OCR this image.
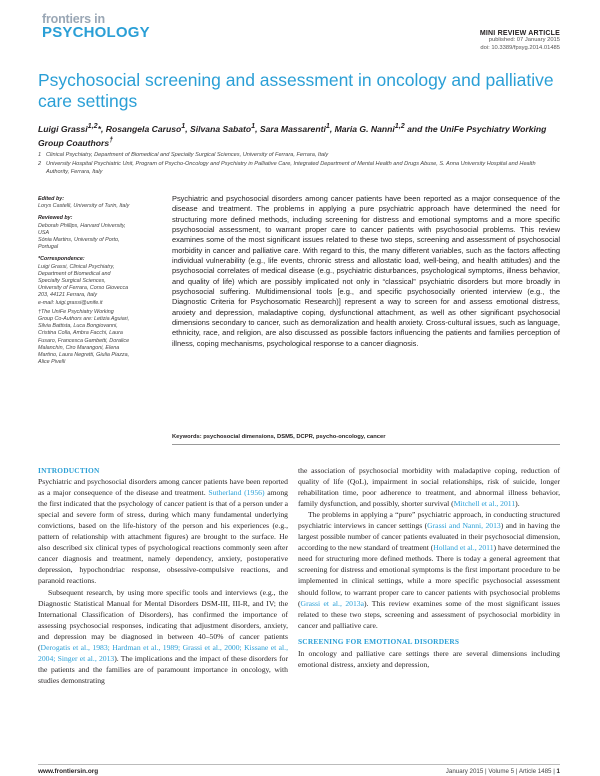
frontiers in
PSYCHOLOGY	MINI REVIEW ARTICLE
published: 07 January 2015
doi: 10.3389/fpsyg.2014.01485
Psychosocial screening and assessment in oncology and palliative care settings
Luigi Grassi$^{1,2}$*, Rosangela Caruso$^1$, Silvana Sabato$^1$, Sara Massarenti$^1$, Maria G. Nanni$^{1,2}$ and the UniFe Psychiatry Working Group Coauthors†
1 Clinical Psychiatry, Department of Biomedical and Specialty Surgical Sciences, University of Ferrara, Ferrara, Italy
2 University Hospital Psychiatric Unit, Program of Psycho-Oncology and Psychiatry in Palliative Care, Integrated Department of Mental Health and Drugs Abuse, S. Anna University Hospital and Health Authority, Ferrara, Italy
Edited by:
Lorys Castelli, University of Turin, Italy
Reviewed by:
Deborah Phillips, Harvard University, USA
Sónia Martins, University of Porto, Portugal
*Correspondence:
Luigi Grassi, Clinical Psychiatry, Department of Biomedical and Specialty Surgical Sciences, University of Ferrara, Corso Giovecca 203, 44121 Ferrara, Italy
e-mail: luigi.grassi@unife.it
†The UniFe Psychiatry Working Group Co-Authors are: Letizia Aguiari, Silvia Battista, Luca Bongiovanni, Cristina Colla, Ambra Facchi, Laura Fusaro, Francesca Gambetti, Doralice Malanchin, Ciro Marangoni, Elena Martino, Laura Negretti, Giulia Piazza, Alice Pivelli
Psychiatric and psychosocial disorders among cancer patients have been reported as a major consequence of the disease and treatment. The problems in applying a pure psychiatric approach have determined the need for structuring more defined methods, including screening for distress and emotional symptoms and a more specific psychosocial assessment, to warrant proper care to cancer patients with psychosocial problems. This review examines some of the most significant issues related to these two steps, screening and assessment of psychosocial morbidity in cancer and palliative care. With regard to this, the many different variables, such as the factors affecting individual vulnerability (e.g., life events, chronic stress and allostatic load, well-being, and health attitudes) and the psychosocial correlates of medical disease (e.g., psychiatric disturbances, psychological symptoms, illness behavior, and quality of life) which are possibly implicated not only in “classical” psychiatric disorders but more broadly in psychosocial suffering. Multidimensional tools [e.g., and specific psychosocially oriented interview (e.g., the Diagnostic Criteria for Psychosomatic Research)] represent a way to screen for and assess emotional distress, anxiety and depression, maladaptive coping, dysfunctional attachment, as well as other significant psychosocial dimensions secondary to cancer, such as demoralization and health anxiety. Cross-cultural issues, such as language, ethnicity, race, and religion, are also discussed as possible factors influencing the patients and families perception of illness, coping mechanisms, psychological response to a cancer diagnosis.
Keywords: psychosocial dimensions, DSM5, DCPR, psycho-oncology, cancer
INTRODUCTION

Psychiatric and psychosocial disorders among cancer patients have been reported as a major consequence of the disease and treatment. Sutherland (1956) among the first indicated that the psychology of cancer patient is that of a person under a special and severe form of stress, during which many fundamental underlying convictions, based on the life-history of the person and his experiences (e.g., pattern of relationship with attachment figures) are brought to the surface. He also described six clinical types of psychological reactions commonly seen after cancer diagnosis and treatment, namely dependency, anxiety, postoperative depression, hypochondriac response, obsessive-compulsive reactions, and paranoid reactions.

Subsequent research, by using more specific tools and interviews (e.g., the Diagnostic Statistical Manual for Mental Disorders DSM-III, III-R, and IV; the International Classification of Disorders), has confirmed the importance of assessing psychosocial responses, indicating that adjustment disorders, anxiety, and depression may be diagnosed in between 40–50% of cancer patients (Derogatis et al., 1983; Hardman et al., 1989; Grassi et al., 2000; Kissane et al., 2004; Singer et al., 2013). The implications and the impact of these disorders for the patients and the families are of paramount importance in oncology, with studies demonstrating

the association of psychosocial morbidity with maladaptive coping, reduction of quality of life (QoL), impairment in social relationships, risk of suicide, longer rehabilitation time, poor adherence to treatment, and abnormal illness behavior, family dysfunction, and possibly, shorter survival (Mitchell et al., 2011).

The problems in applying a “pure” psychiatric approach, in conducting structured psychiatric interviews in cancer settings (Grassi and Nanni, 2013) and in having the largest possible number of cancer patients evaluated in their psychosocial dimension, according to the new standard of treatment (Holland et al., 2011) have determined the need for structuring more defined methods. There is today a general agreement that screening for distress and emotional symptoms is the first important procedure to be implemented in clinical settings, while a more specific psychosocial assessment should follow, to warrant proper care to cancer patients with psychosocial problems (Grassi et al., 2013a). This review examines some of the most significant issues related to these two steps, screening and assessment of psychosocial morbidity in cancer and palliative care.

SCREENING FOR EMOTIONAL DISORDERS

In oncology and palliative care settings there are several dimensions including emotional distress, anxiety and depression,

www.frontiersin.org	January 2015 | Volume 5 | Article 1485 | 1
